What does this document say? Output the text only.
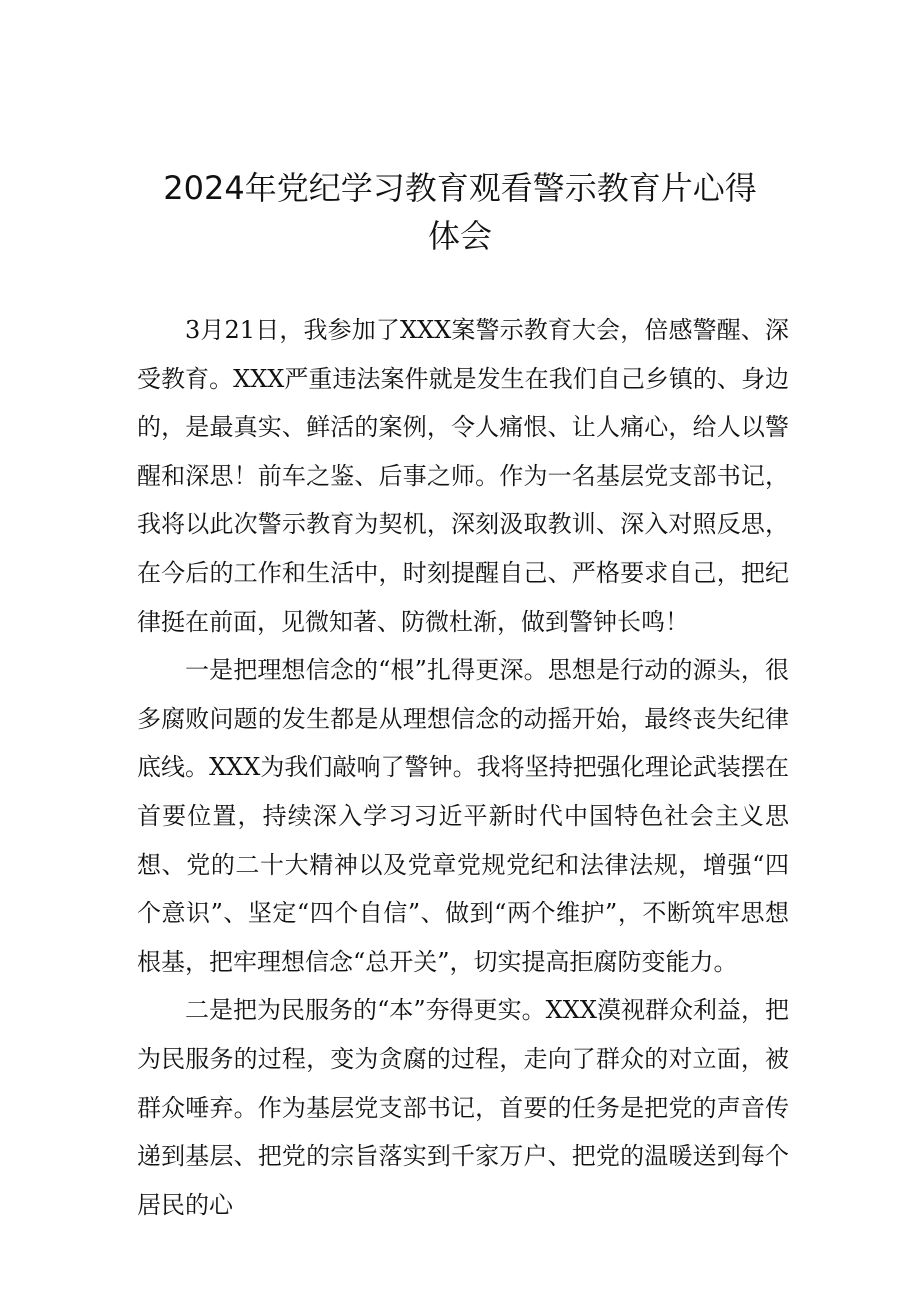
2024年党纪学习教育观看警示教育片心得
体会

3月21日，我参加了XXX案警示教育大会，倍感警醒、深受教育。XXX严重违法案件就是发生在我们自己乡镇的、身边的，是最真实、鲜活的案例，令人痛恨、让人痛心，给人以警醒和深思！前车之鉴、后事之师。作为一名基层党支部书记，我将以此次警示教育为契机，深刻汲取教训、深入对照反思，在今后的工作和生活中，时刻提醒自己、严格要求自己，把纪律挺在前面，见微知著、防微杜渐，做到警钟长鸣！

一是把理想信念的“根”扎得更深。思想是行动的源头，很多腐败问题的发生都是从理想信念的动摇开始，最终丧失纪律底线。XXX为我们敲响了警钟。我将坚持把强化理论武装摆在首要位置，持续深入学习习近平新时代中国特色社会主义思想、党的二十大精神以及党章党规党纪和法律法规，增强“四个意识”、坚定“四个自信”、做到“两个维护”，不断筑牢思想根基，把牢理想信念“总开关”，切实提高拒腐防变能力。

二是把为民服务的“本”夯得更实。XXX漠视群众利益，把为民服务的过程，变为贪腐的过程，走向了群众的对立面，被群众唾弃。作为基层党支部书记，首要的任务是把党的声音传递到基层、把党的宗旨落实到千家万户、把党的温暖送到每个居民的心
